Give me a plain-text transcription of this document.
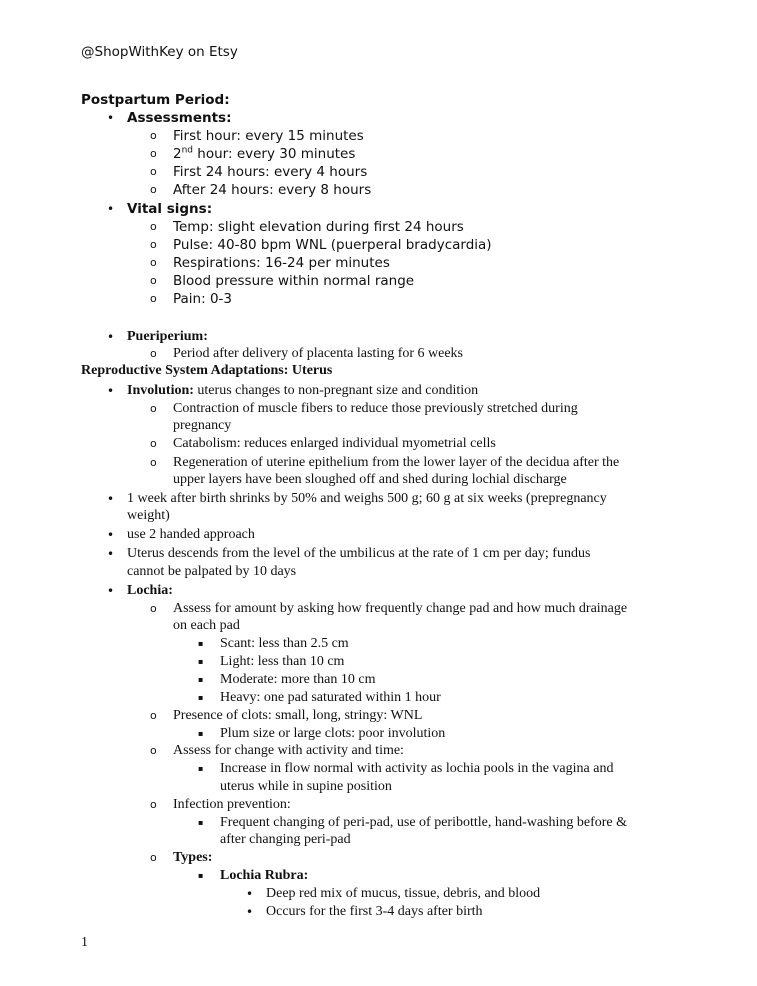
@ShopWithKey on Etsy
Postpartum Period:
• Assessments:
o First hour: every 15 minutes
o 2nd hour: every 30 minutes
o First 24 hours: every 4 hours
o After 24 hours: every 8 hours
• Vital signs:
o Temp: slight elevation during first 24 hours
o Pulse: 40-80 bpm WNL (puerperal bradycardia)
o Respirations: 16-24 per minutes
o Blood pressure within normal range
o Pain: 0-3
• Pueriperium:
o Period after delivery of placenta lasting for 6 weeks
Reproductive System Adaptations: Uterus
• Involution: uterus changes to non-pregnant size and condition
o Contraction of muscle fibers to reduce those previously stretched during
pregnancy
o Catabolism: reduces enlarged individual myometrial cells
o Regeneration of uterine epithelium from the lower layer of the decidua after the
upper layers have been sloughed off and shed during lochial discharge
• 1 week after birth shrinks by 50% and weighs 500 g; 60 g at six weeks (prepregnancy
weight)
• use 2 handed approach
• Uterus descends from the level of the umbilicus at the rate of 1 cm per day; fundus
cannot be palpated by 10 days
• Lochia:
o Assess for amount by asking how frequently change pad and how much drainage
on each pad
▪ Scant: less than 2.5 cm
▪ Light: less than 10 cm
▪ Moderate: more than 10 cm
▪ Heavy: one pad saturated within 1 hour
o Presence of clots: small, long, stringy: WNL
▪ Plum size or large clots: poor involution
o Assess for change with activity and time:
▪ Increase in flow normal with activity as lochia pools in the vagina and
uterus while in supine position
o Infection prevention:
▪ Frequent changing of peri-pad, use of peribottle, hand-washing before &
after changing peri-pad
o Types:
▪ Lochia Rubra:
• Deep red mix of mucus, tissue, debris, and blood
• Occurs for the first 3-4 days after birth
1
